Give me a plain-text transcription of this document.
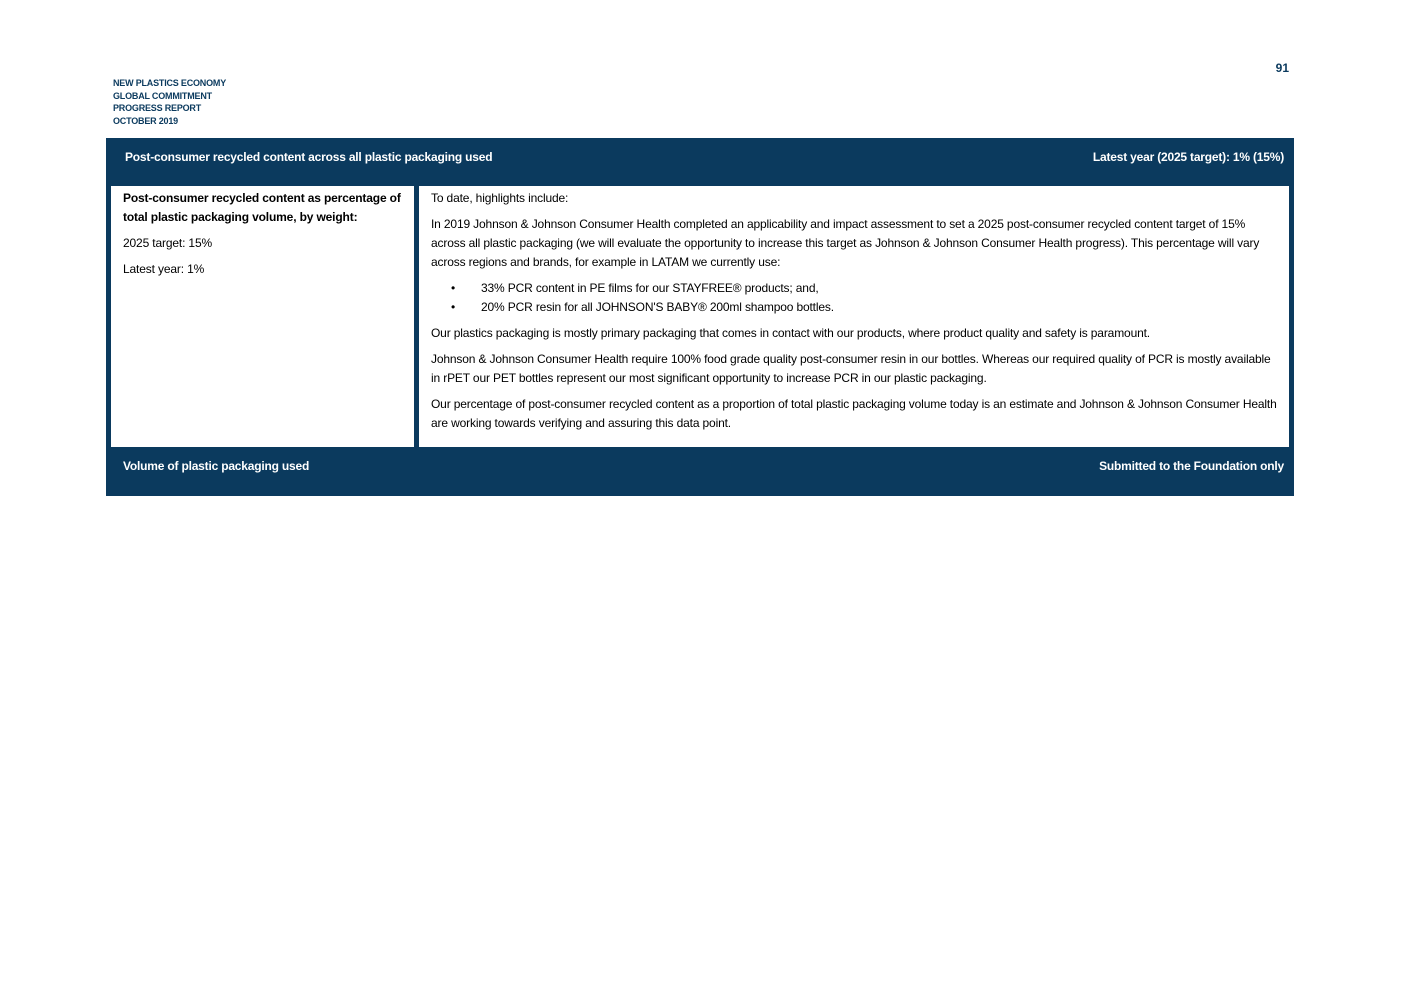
NEW PLASTICS ECONOMY
GLOBAL COMMITMENT
PROGRESS REPORT
OCTOBER 2019
91
Post-consumer recycled content across all plastic packaging used	Latest year (2025 target): 1% (15%)

Post-consumer recycled content as percentage of total plastic packaging volume, by weight:

2025 target: 15%

Latest year: 1%

To date, highlights include:

In 2019 Johnson & Johnson Consumer Health completed an applicability and impact assessment to set a 2025 post-consumer recycled content target of 15% across all plastic packaging (we will evaluate the opportunity to increase this target as Johnson & Johnson Consumer Health progress). This percentage will vary across regions and brands, for example in LATAM we currently use:

• 33% PCR content in PE films for our STAYFREE® products; and,
• 20% PCR resin for all JOHNSON'S BABY® 200ml shampoo bottles.

Our plastics packaging is mostly primary packaging that comes in contact with our products, where product quality and safety is paramount.

Johnson & Johnson Consumer Health require 100% food grade quality post-consumer resin in our bottles. Whereas our required quality of PCR is mostly available in rPET our PET bottles represent our most significant opportunity to increase PCR in our plastic packaging.

Our percentage of post-consumer recycled content as a proportion of total plastic packaging volume today is an estimate and Johnson & Johnson Consumer Health are working towards verifying and assuring this data point.

Volume of plastic packaging used	Submitted to the Foundation only
